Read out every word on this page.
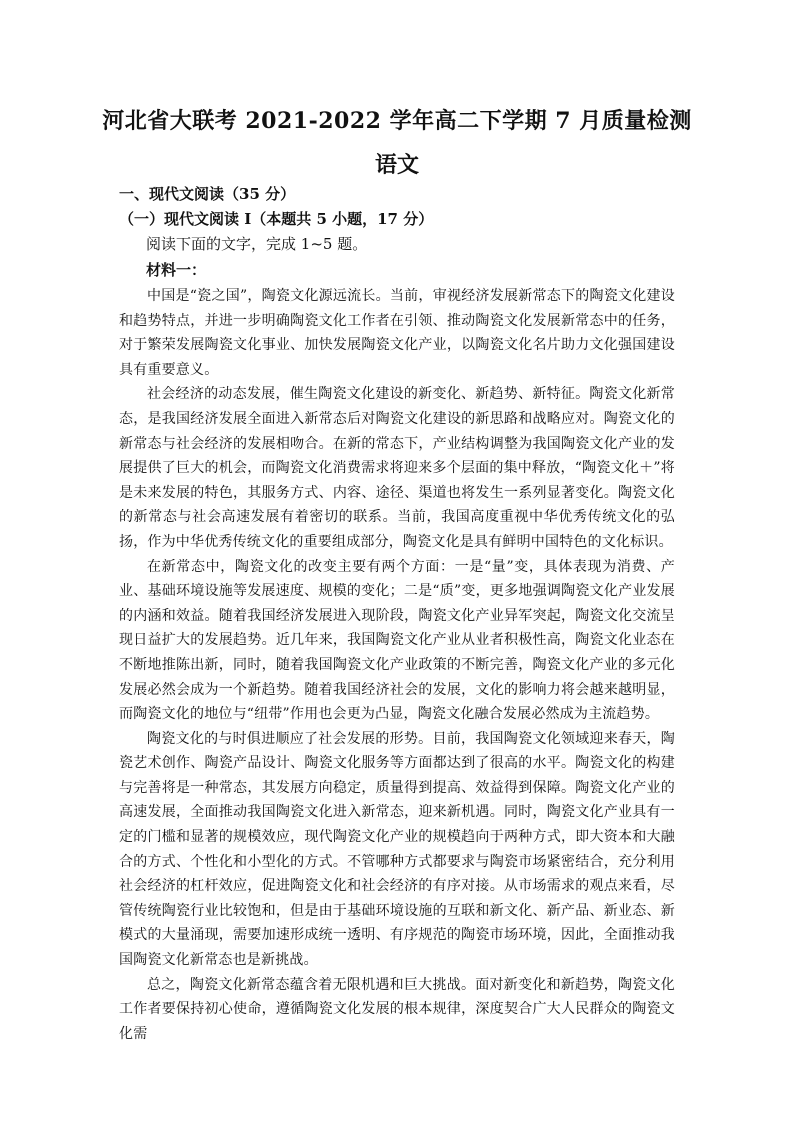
河北省大联考 2021-2022 学年高二下学期 7 月质量检测
语文
一、现代文阅读（35 分）
（一）现代文阅读 I（本题共 5 小题，17 分）
阅读下面的文字，完成 1~5 题。
材料一：

中国是“瓷之国”，陶瓷文化源远流长。当前，审视经济发展新常态下的陶瓷文化建设和趋势特点，并进一步明确陶瓷文化工作者在引领、推动陶瓷文化发展新常态中的任务，对于繁荣发展陶瓷文化事业、加快发展陶瓷文化产业，以陶瓷文化名片助力文化强国建设具有重要意义。

社会经济的动态发展，催生陶瓷文化建设的新变化、新趋势、新特征。陶瓷文化新常态，是我国经济发展全面进入新常态后对陶瓷文化建设的新思路和战略应对。陶瓷文化的新常态与社会经济的发展相吻合。在新的常态下，产业结构调整为我国陶瓷文化产业的发展提供了巨大的机会，而陶瓷文化消费需求将迎来多个层面的集中释放，“陶瓷文化＋”将是未来发展的特色，其服务方式、内容、途径、渠道也将发生一系列显著变化。陶瓷文化的新常态与社会高速发展有着密切的联系。当前，我国高度重视中华优秀传统文化的弘扬，作为中华优秀传统文化的重要组成部分，陶瓷文化是具有鲜明中国特色的文化标识。

在新常态中，陶瓷文化的改变主要有两个方面：一是“量”变，具体表现为消费、产业、基础环境设施等发展速度、规模的变化；二是“质”变，更多地强调陶瓷文化产业发展的内涵和效益。随着我国经济发展进入现阶段，陶瓷文化产业异军突起，陶瓷文化交流呈现日益扩大的发展趋势。近几年来，我国陶瓷文化产业从业者积极性高，陶瓷文化业态在不断地推陈出新，同时，随着我国陶瓷文化产业政策的不断完善，陶瓷文化产业的多元化发展必然会成为一个新趋势。随着我国经济社会的发展，文化的影响力将会越来越明显，而陶瓷文化的地位与“纽带”作用也会更为凸显，陶瓷文化融合发展必然成为主流趋势。

陶瓷文化的与时俱进顺应了社会发展的形势。目前，我国陶瓷文化领域迎来春天，陶瓷艺术创作、陶瓷产品设计、陶瓷文化服务等方面都达到了很高的水平。陶瓷文化的构建与完善将是一种常态，其发展方向稳定，质量得到提高、效益得到保障。陶瓷文化产业的高速发展，全面推动我国陶瓷文化进入新常态，迎来新机遇。同时，陶瓷文化产业具有一定的门槛和显著的规模效应，现代陶瓷文化产业的规模趋向于两种方式，即大资本和大融合的方式、个性化和小型化的方式。不管哪种方式都要求与陶瓷市场紧密结合，充分利用社会经济的杠杆效应，促进陶瓷文化和社会经济的有序对接。从市场需求的观点来看，尽管传统陶瓷行业比较饱和，但是由于基础环境设施的互联和新文化、新产品、新业态、新模式的大量涌现，需要加速形成统一透明、有序规范的陶瓷市场环境，因此，全面推动我国陶瓷文化新常态也是新挑战。

总之，陶瓷文化新常态蕴含着无限机遇和巨大挑战。面对新变化和新趋势，陶瓷文化工作者要保持初心使命，遵循陶瓷文化发展的根本规律，深度契合广大人民群众的陶瓷文化需
